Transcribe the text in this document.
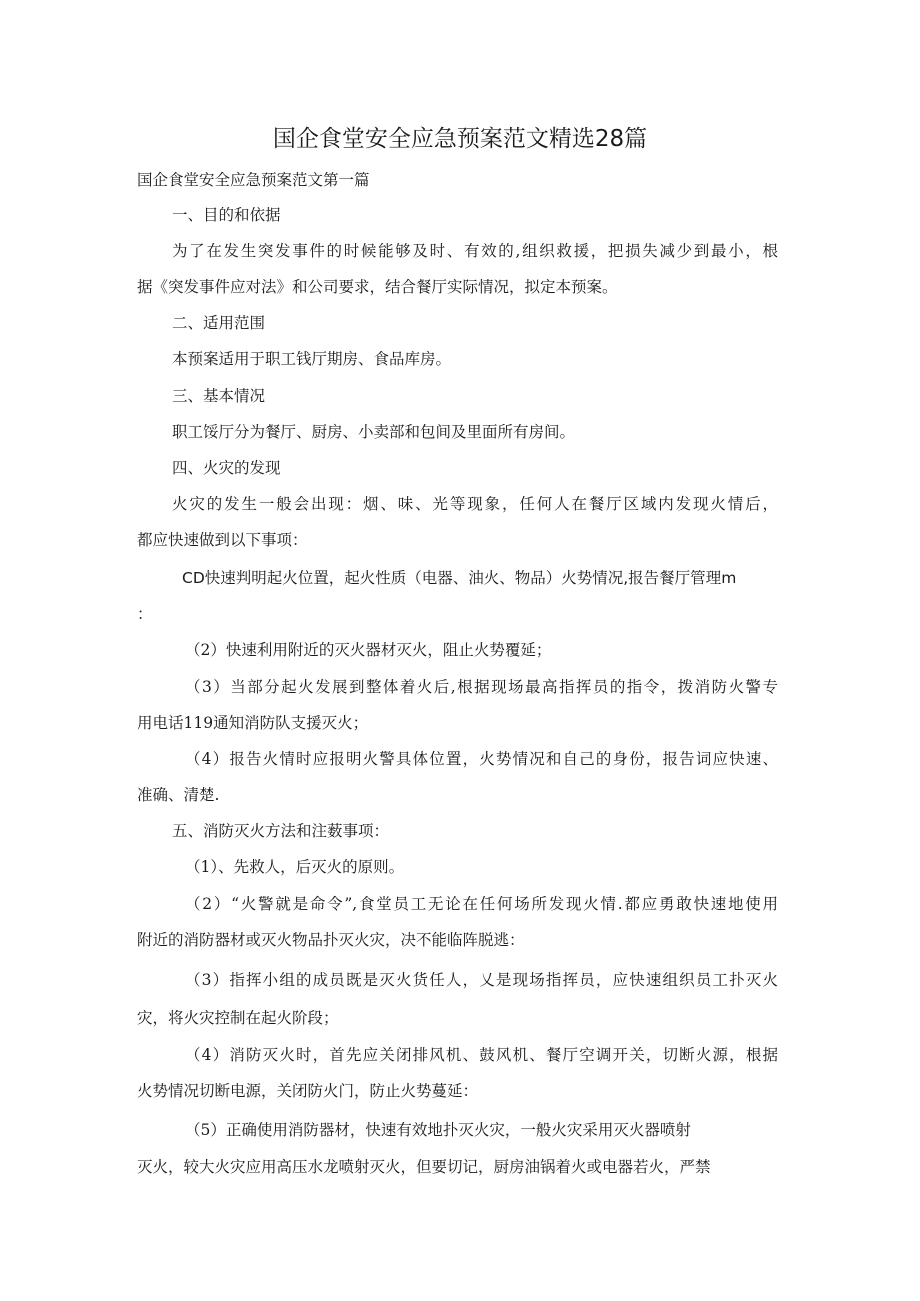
国企食堂安全应急预案范文精选28篇

国企食堂安全应急预案范文第一篇

一、目的和依据

为了在发生突发事件的时候能够及时、有效的,组织救援，把损失减少到最小，根

据《突发事件应对法》和公司要求，结合餐厅实际情况，拟定本预案。

二、适用范围

本预案适用于职工钱厅期房、食品库房。

三、基本情况

职工馁厅分为餐厅、厨房、小卖部和包间及里面所有房间。

四、火灾的发现

火灾的发生一般会出现：烟、味、光等现象，任何人在餐厅区域内发现火情后，

都应快速做到以下事项：

CD快速判明起火位置，起火性质（电器、油火、物品）火势情况,报告餐厅管理m

：

（2）快速利用附近的灭火器材灭火，阻止火势覆延；

（3）当部分起火发展到整体着火后,根据现场最高指挥员的指令，拨消防火警专

用电话119通知消防队支援灭火；

（4）报告火情时应报明火警具体位置，火势情况和自己的身份，报告词应快速、

准确、清楚.

五、消防灭火方法和注薮事项：

（1）、先救人，后灭火的原则。

（2）“火警就是命令”,食堂员工无论在任何场所发现火情.都应勇敢快速地使用

附近的消防器材或灭火物品扑灭火灾，决不能临阵脱逃：

（3）指挥小组的成员既是灭火货任人，乂是现场指挥员，应快速组织员工扑灭火

灾，将火灾控制在起火阶段；

（4）消防灭火时，首先应关闭排风机、鼓风机、餐厅空调开关，切断火源，根据

火势情况切断电源，关闭防火门，防止火势蔓延：

（5）正确使用消防器材，快速有效地扑灭火灾，一般火灾采用灭火器喷射

灭火，较大火灾应用高压水龙喷射灭火，但要切记，厨房油锅着火或电器若火，严禁
